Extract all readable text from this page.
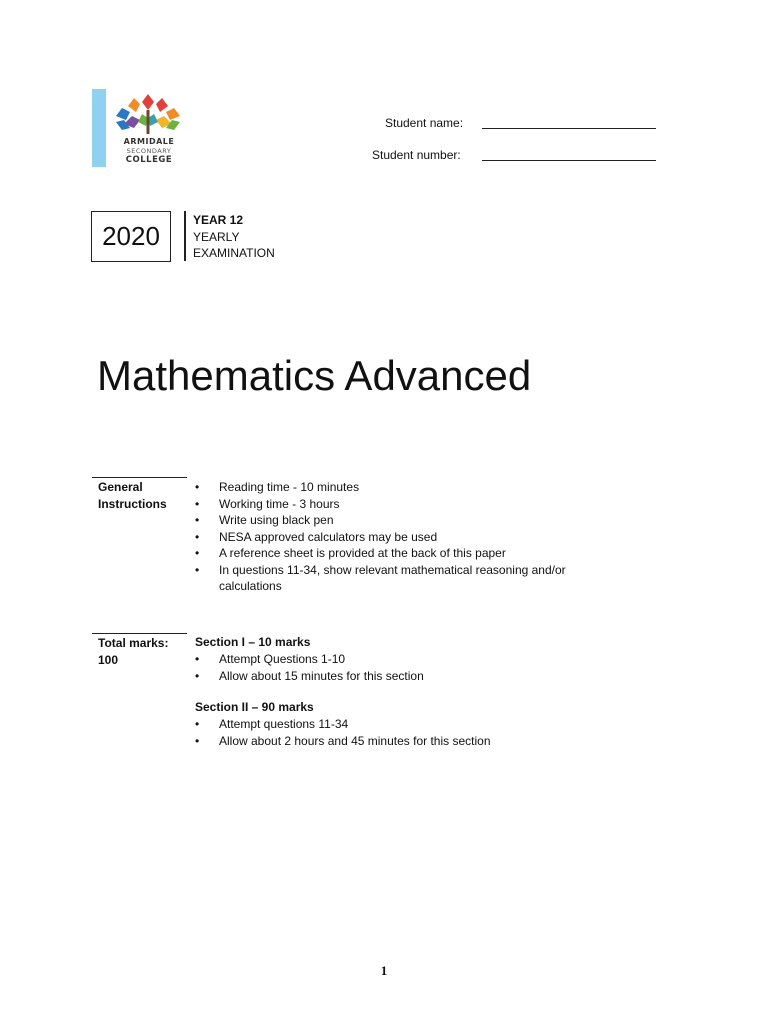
ARMIDALE
SECONDARY
COLLEGE
Student name:
Student number:
2020
YEAR 12
YEARLY
EXAMINATION
Mathematics Advanced
General
Instructions
• Reading time - 10 minutes
• Working time - 3 hours
• Write using black pen
• NESA approved calculators may be used
• A reference sheet is provided at the back of this paper
• In questions 11-34, show relevant mathematical reasoning and/or calculations
Total marks:
100
Section I – 10 marks
• Attempt Questions 1-10
• Allow about 15 minutes for this section
Section II – 90 marks
• Attempt questions 11-34
• Allow about 2 hours and 45 minutes for this section
1
